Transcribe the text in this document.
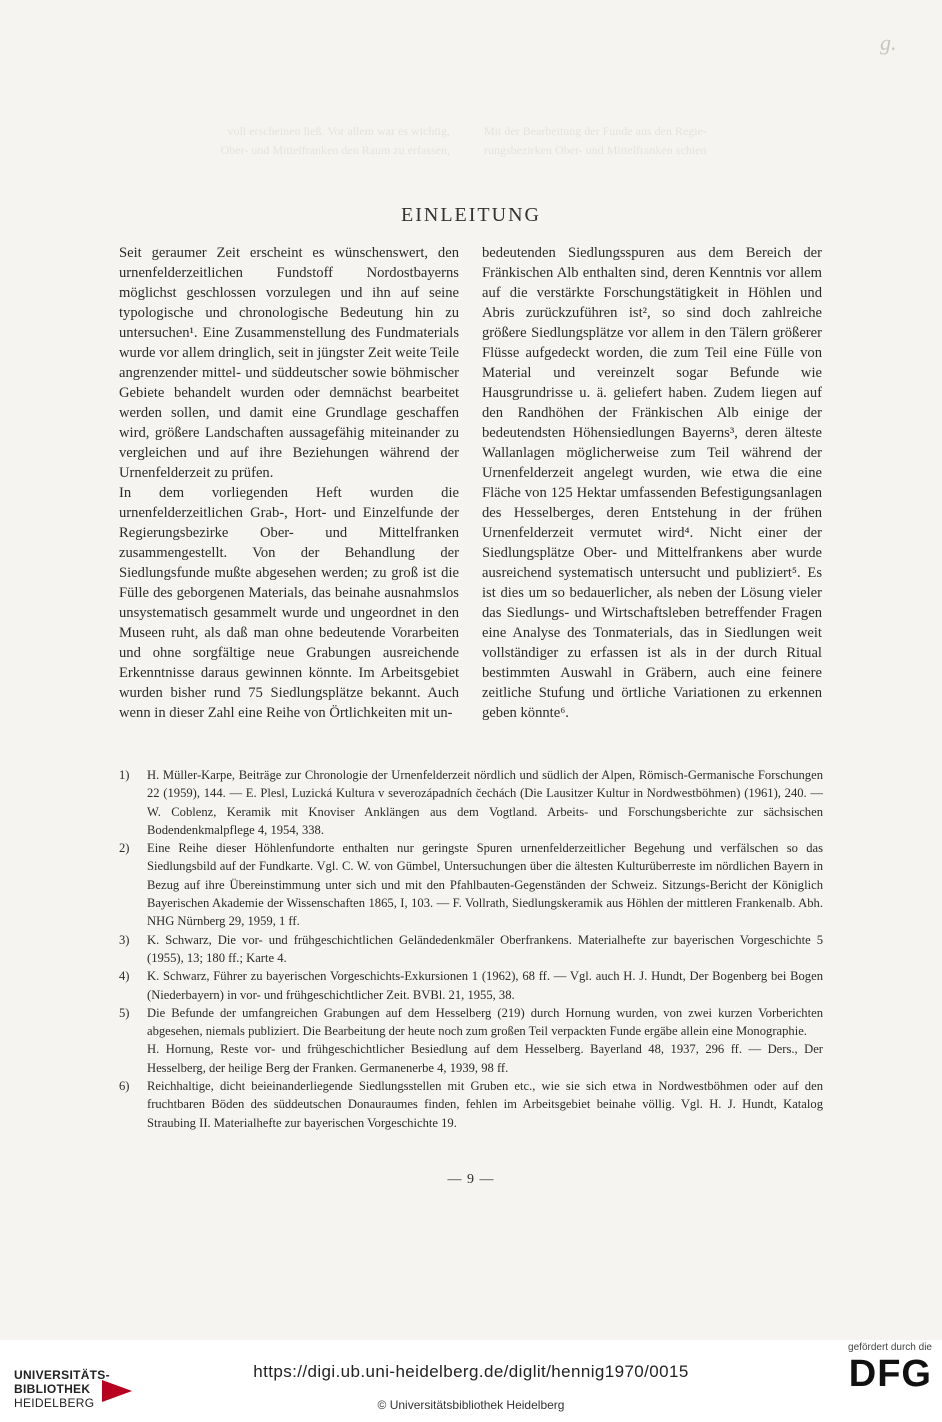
voll erscheinen ließ. Vor allem war es wichtig,
Ober- und Mittelfranken den Raum zu erfassen,
Mit der Bearbeitung der Funde aus den Regie-
rungsbezirken Ober- und Mittelfranken schien
g.
EINLEITUNG

Seit geraumer Zeit erscheint es wünschenswert, den urnenfelderzeitlichen Fundstoff Nordostbayerns möglichst geschlossen vorzulegen und ihn auf seine typologische und chronologische Bedeutung hin zu untersuchen¹. Eine Zusammenstellung des Fundmaterials wurde vor allem dringlich, seit in jüngster Zeit weite Teile angrenzender mittel- und süddeutscher sowie böhmischer Gebiete behandelt wurden oder demnächst bearbeitet werden sollen, und damit eine Grundlage geschaffen wird, größere Landschaften aussagefähig miteinander zu vergleichen und auf ihre Beziehungen während der Urnenfelderzeit zu prüfen.

In dem vorliegenden Heft wurden die urnenfelderzeitlichen Grab-, Hort- und Einzelfunde der Regierungsbezirke Ober- und Mittelfranken zusammengestellt. Von der Behandlung der Siedlungsfunde mußte abgesehen werden; zu groß ist die Fülle des geborgenen Materials, das beinahe ausnahmslos unsystematisch gesammelt wurde und ungeordnet in den Museen ruht, als daß man ohne bedeutende Vorarbeiten und ohne sorgfältige neue Grabungen ausreichende Erkenntnisse daraus gewinnen könnte. Im Arbeitsgebiet wurden bisher rund 75 Siedlungsplätze bekannt. Auch wenn in dieser Zahl eine Reihe von Örtlichkeiten mit un-

bedeutenden Siedlungsspuren aus dem Bereich der Fränkischen Alb enthalten sind, deren Kenntnis vor allem auf die verstärkte Forschungstätigkeit in Höhlen und Abris zurückzuführen ist², so sind doch zahlreiche größere Siedlungsplätze vor allem in den Tälern größerer Flüsse aufgedeckt worden, die zum Teil eine Fülle von Material und vereinzelt sogar Befunde wie Hausgrundrisse u. ä. geliefert haben. Zudem liegen auf den Randhöhen der Fränkischen Alb einige der bedeutendsten Höhensiedlungen Bayerns³, deren älteste Wallanlagen möglicherweise zum Teil während der Urnenfelderzeit angelegt wurden, wie etwa die eine Fläche von 125 Hektar umfassenden Befestigungsanlagen des Hesselberges, deren Entstehung in der frühen Urnenfelderzeit vermutet wird⁴. Nicht einer der Siedlungsplätze Ober- und Mittelfrankens aber wurde ausreichend systematisch untersucht und publiziert⁵. Es ist dies um so bedauerlicher, als neben der Lösung vieler das Siedlungs- und Wirtschaftsleben betreffender Fragen eine Analyse des Tonmaterials, das in Siedlungen weit vollständiger zu erfassen ist als in der durch Ritual bestimmten Auswahl in Gräbern, auch eine feinere zeitliche Stufung und örtliche Variationen zu erkennen geben könnte⁶.

1)	H. Müller-Karpe, Beiträge zur Chronologie der Urnenfelderzeit nördlich und südlich der Alpen, Römisch-Germanische Forschungen 22 (1959), 144. — E. Plesl, Luzická Kultura v severozápadních čechách (Die Lausitzer Kultur in Nordwestböhmen) (1961), 240. — W. Coblenz, Keramik mit Knoviser Anklängen aus dem Vogtland. Arbeits- und Forschungsberichte zur sächsischen Bodendenkmalpflege 4, 1954, 338.

2)	Eine Reihe dieser Höhlenfundorte enthalten nur geringste Spuren urnenfelderzeitlicher Begehung und verfälschen so das Siedlungsbild auf der Fundkarte. Vgl. C. W. von Gümbel, Untersuchungen über die ältesten Kulturüberreste im nördlichen Bayern in Bezug auf ihre Übereinstimmung unter sich und mit den Pfahlbauten-Gegenständen der Schweiz. Sitzungs-Bericht der Königlich Bayerischen Akademie der Wissenschaften 1865, I, 103. — F. Vollrath, Siedlungskeramik aus Höhlen der mittleren Frankenalb. Abh. NHG Nürnberg 29, 1959, 1 ff.

3)	K. Schwarz, Die vor- und frühgeschichtlichen Geländedenkmäler Oberfrankens. Materialhefte zur bayerischen Vorgeschichte 5 (1955), 13; 180 ff.; Karte 4.

4)	K. Schwarz, Führer zu bayerischen Vorgeschichts-Exkursionen 1 (1962), 68 ff. — Vgl. auch H. J. Hundt, Der Bogenberg bei Bogen (Niederbayern) in vor- und frühgeschichtlicher Zeit. BVBl. 21, 1955, 38.

5)	Die Befunde der umfangreichen Grabungen auf dem Hesselberg (219) durch Hornung wurden, von zwei kurzen Vorberichten abgesehen, niemals publiziert. Die Bearbeitung der heute noch zum großen Teil verpackten Funde ergäbe allein eine Monographie.

H. Hornung, Reste vor- und frühgeschichtlicher Besiedlung auf dem Hesselberg. Bayerland 48, 1937, 296 ff. — Ders., Der Hesselberg, der heilige Berg der Franken. Germanenerbe 4, 1939, 98 ff.

6)	Reichhaltige, dicht beieinanderliegende Siedlungsstellen mit Gruben etc., wie sie sich etwa in Nordwestböhmen oder auf den fruchtbaren Böden des süddeutschen Donauraumes finden, fehlen im Arbeitsgebiet beinahe völlig. Vgl. H. J. Hundt, Katalog Straubing II. Materialhefte zur bayerischen Vorgeschichte 19.

— 9 —
UNIVERSITÄTS-
BIBLIOTHEK
HEIDELBERG
https://digi.ub.uni-heidelberg.de/diglit/hennig1970/0015
© Universitätsbibliothek Heidelberg
gefördert durch die
DFG
